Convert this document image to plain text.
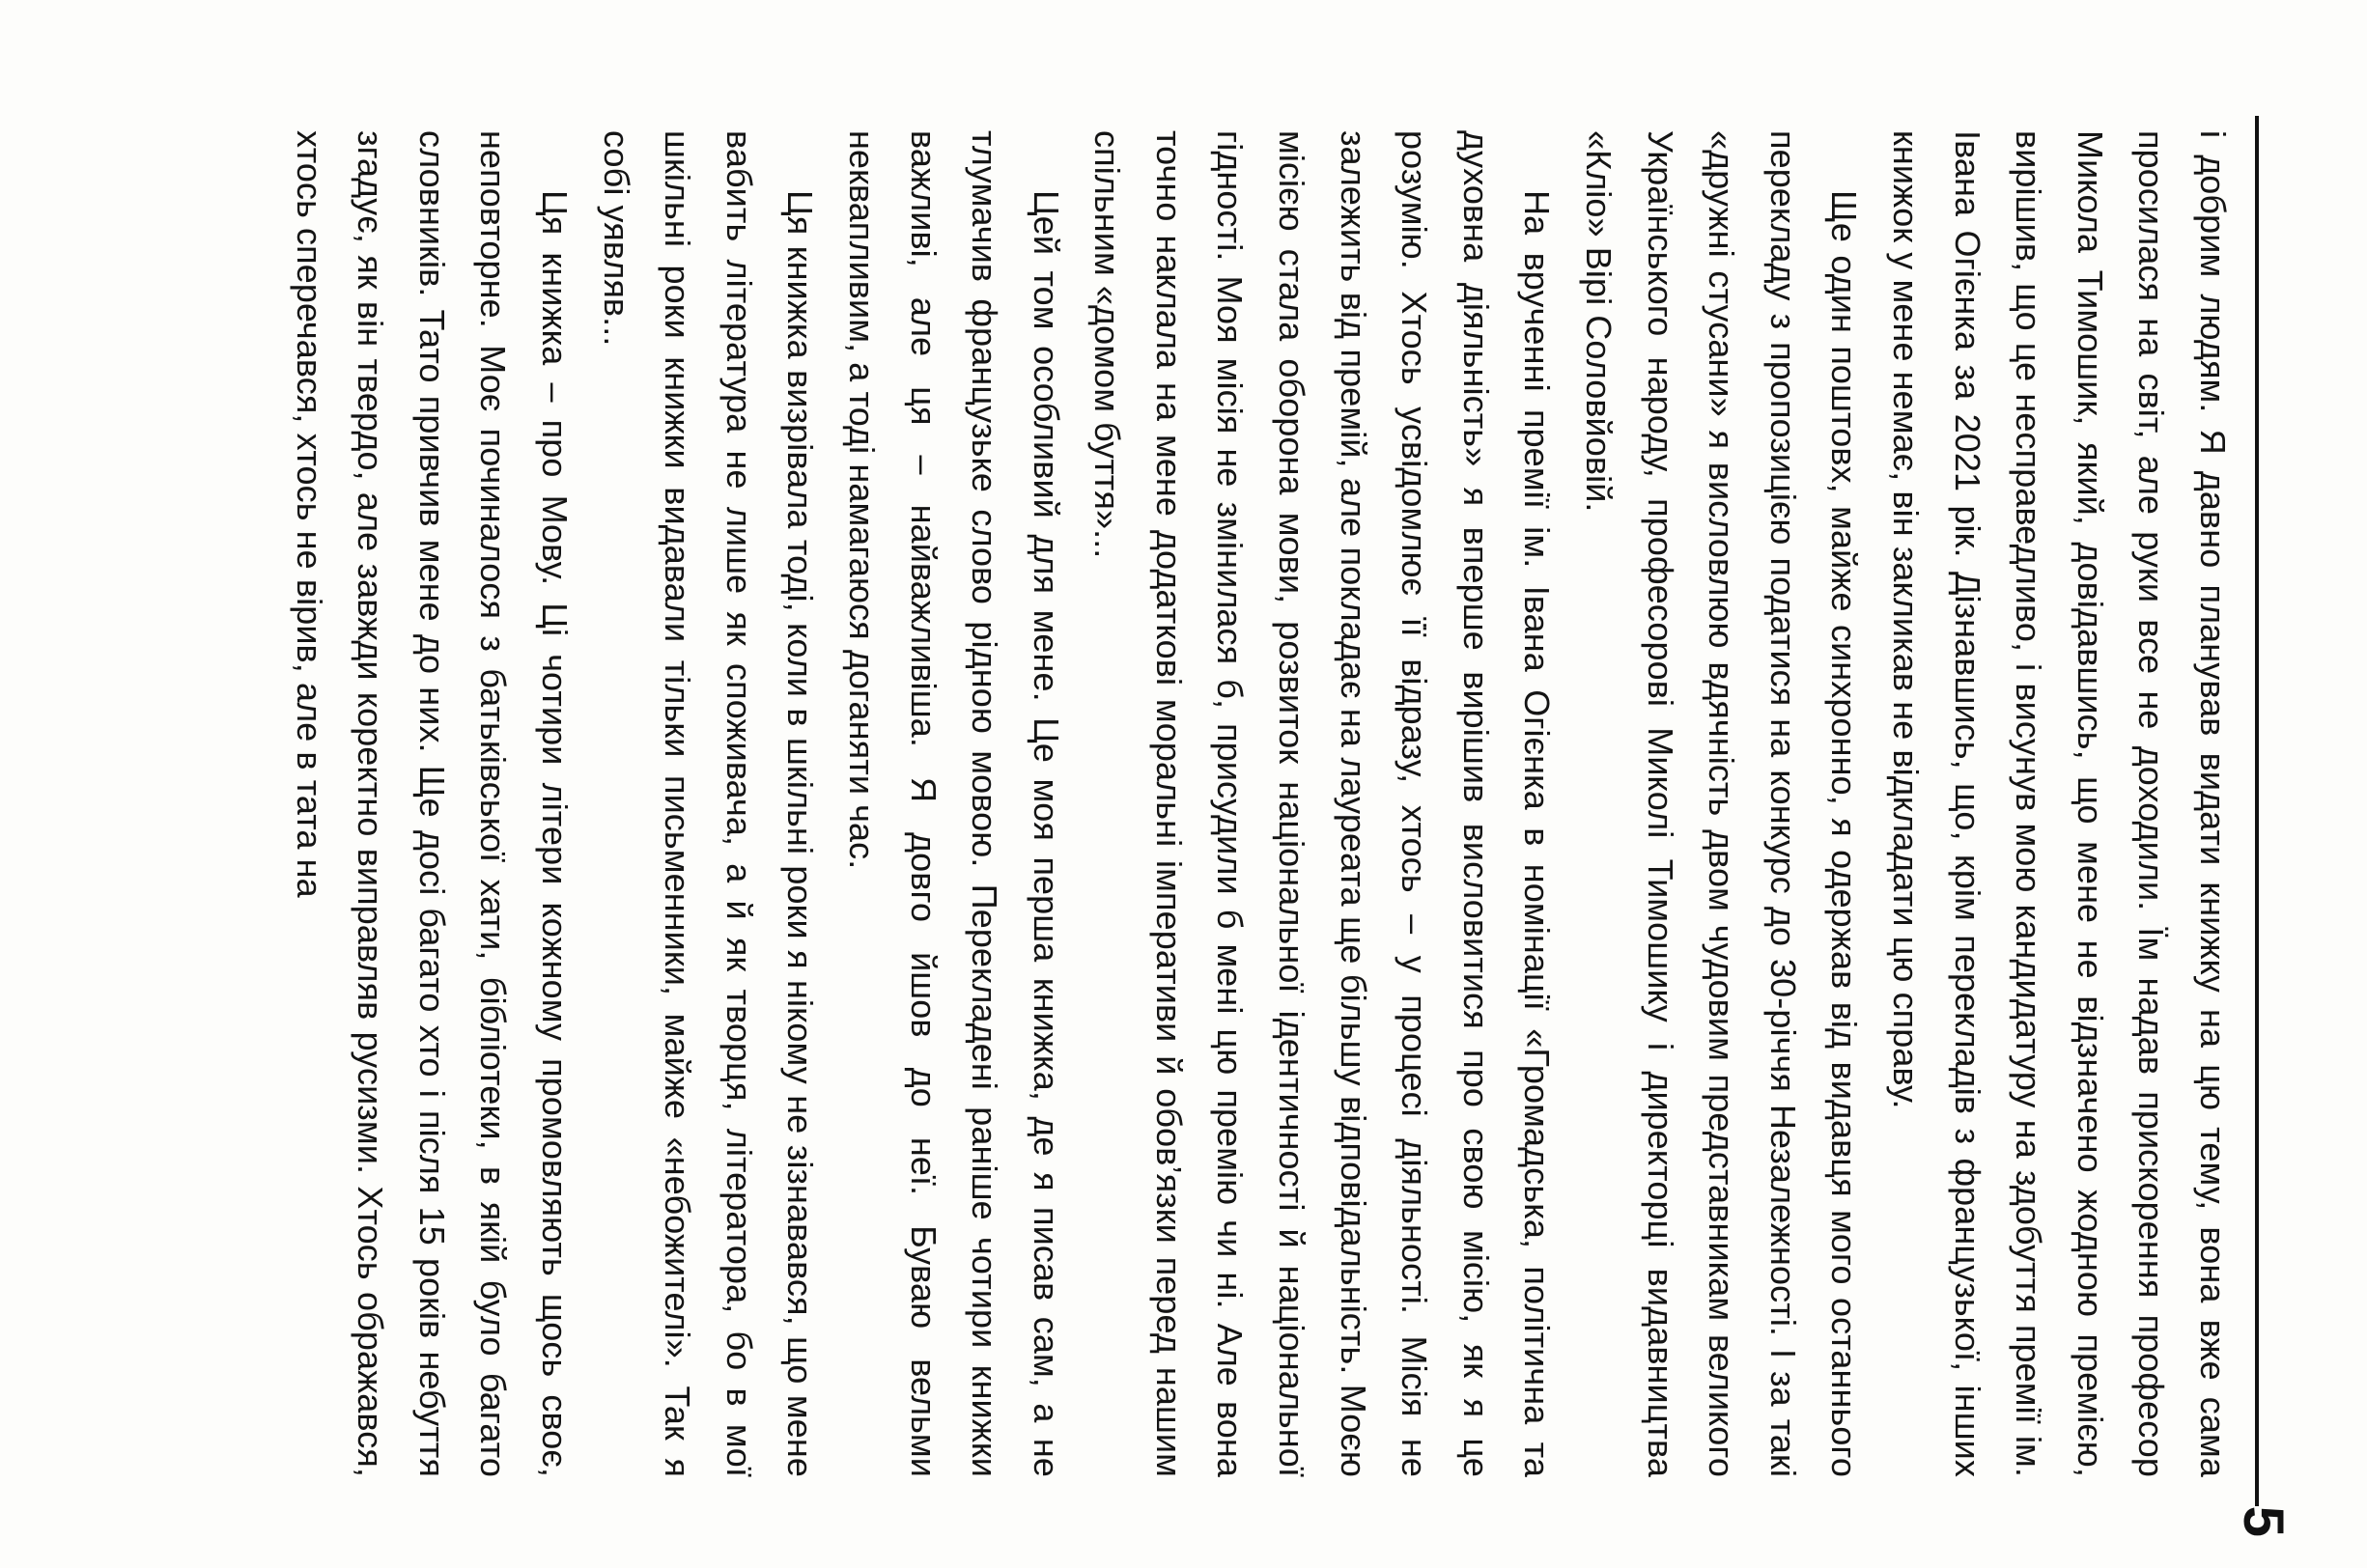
5

і добрим людям. Я давно планував видати книжку на цю тему, вона вже сама просилася на світ, але руки все не доходили. Їм надав прискорення професор Микола Тимошик, який, довідавшись, що мене не відзначено жодною премією, вирішив, що це несправедливо, і висунув мою кандидатуру на здобуття премії ім. Івана Огієнка за 2021 рік. Дізнавшись, що, крім перекладів з французької, інших книжок у мене немає, він закликав не відкладати цю справу.

Ще один поштовх, майже синхронно, я одержав від видавця мого останнього перекладу з пропозицією податися на конкурс до 30-річчя Незалежності. І за такі «дружні стусани» я висловлюю вдячність двом чудовим представникам великого Українського народу, професорові Миколі Тимошику і директорці видавництва «Кліо» Вірі Соловйовій.

На врученні премії ім. Івана Огієнка в номінації «Громадська, політична та духовна діяльність» я вперше вирішив висловитися про свою місію, як я це розумію. Хтось усвідомлює її відразу, хтось – у процесі діяльності. Місія не залежить від премій, але покладає на лауреата ще більшу відповідальність. Моєю місією стала оборона мови, розвиток національної ідентичності й національної гідності. Моя місія не змінилася б, присудили б мені цю премію чи ні. Але вона точно наклала на мене додаткові моральні імперативи й обов’язки перед нашим спільним «домом буття»...

Цей том особливий для мене. Це моя перша книжка, де я писав сам, а не тлумачив французьке слово рідною мовою. Перекладені раніше чотири книжки важливі, але ця – найважливіша. Я довго йшов до неї. Буваю вельми неквапливим, а тоді намагаюся доганяти час.

Ця книжка визрівала тоді, коли в шкільні роки я нікому не зізнавався, що мене вабить література не лише як споживача, а й як творця, літератора, бо в мої шкільні роки книжки видавали тільки письменники, майже «небожителі». Так я собі уявляв...

Ця книжка – про Мову. Ці чотири літери кожному промовляють щось своє, неповторне. Моє починалося з батьківської хати, бібліотеки, в якій було багато словників. Тато привчив мене до них. Ще досі багато хто і після 15 років небуття згадує, як він твердо, але завжди коректно виправляв русизми. Хтось ображався, хтось сперечався, хтось не вірив, але в тата на
